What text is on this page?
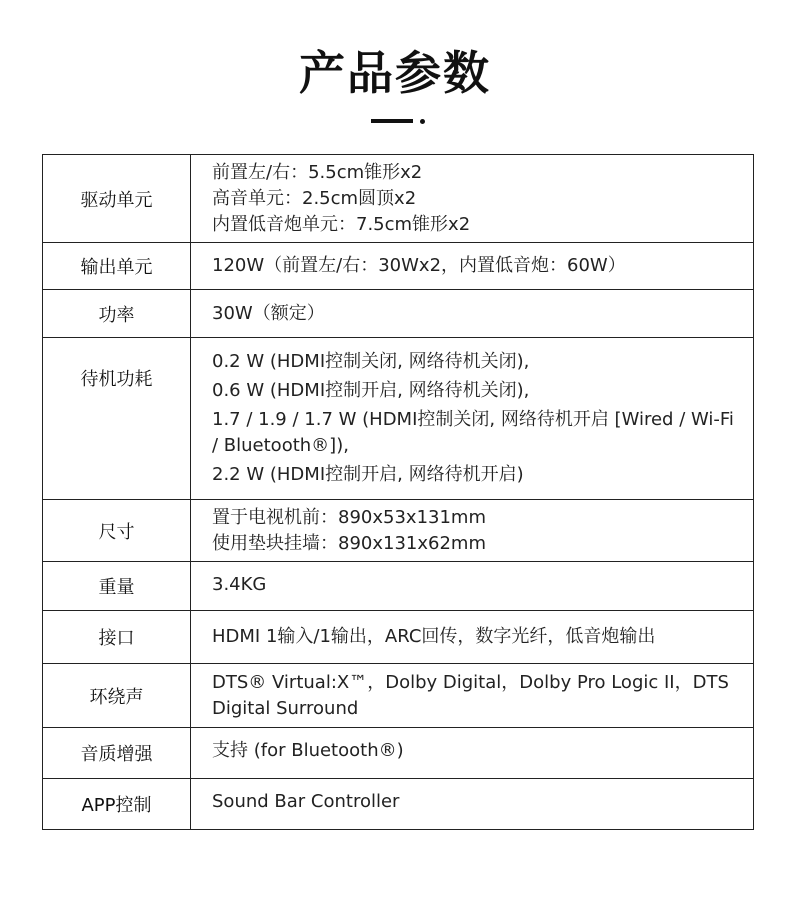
产品参数
驱动单元	前置左/右：5.5cm锥形x2
高音单元：2.5cm圆顶x2
内置低音炮单元：7.5cm锥形x2

输出单元	120W（前置左/右：30Wx2，内置低音炮：60W）

功率	30W（额定）

待机功耗	0.2 W (HDMI控制关闭, 网络待机关闭),
0.6 W (HDMI控制开启, 网络待机关闭),
1.7 / 1.9 / 1.7 W (HDMI控制关闭, 网络待机开启 [Wired / Wi-Fi / Bluetooth®]),
2.2 W (HDMI控制开启, 网络待机开启)

尺寸	置于电视机前：890x53x131mm
使用垫块挂墙：890x131x62mm

重量	3.4KG

接口	HDMI 1输入/1输出，ARC回传，数字光纤，低音炮输出

环绕声	DTS® Virtual:X™，Dolby Digital，Dolby Pro Logic II，DTS Digital Surround

音质增强	支持 (for Bluetooth®)

APP控制	Sound Bar Controller
